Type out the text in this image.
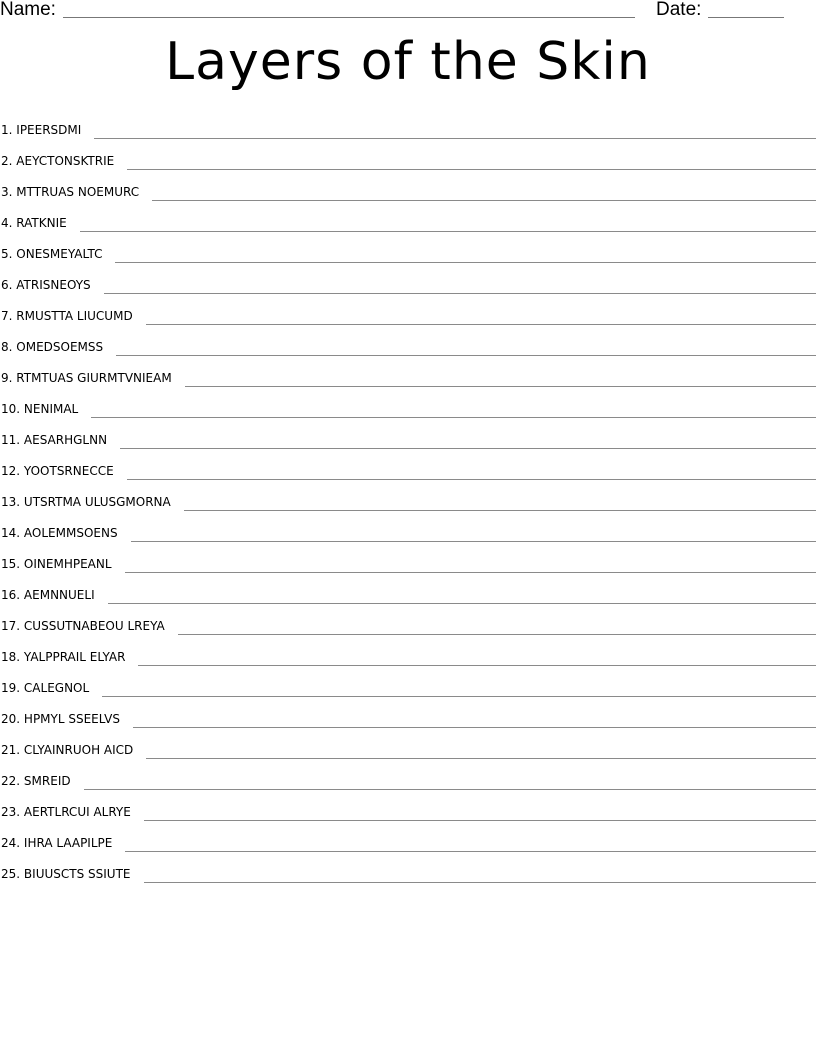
Name:	Date:
Layers of the Skin
1. IPEERSDMI
2. AEYCTONSKTRIE
3. MTTRUAS NOEMURC
4. RATKNIE
5. ONESMEYALTC
6. ATRISNEOYS
7. RMUSTTA LIUCUMD
8. OMEDSOEMSS
9. RTMTUAS GIURMTVNIEAM
10. NENIMAL
11. AESARHGLNN
12. YOOTSRNECCE
13. UTSRTMA ULUSGMORNA
14. AOLEMMSOENS
15. OINEMHPEANL
16. AEMNNUELI
17. CUSSUTNABEOU LREYA
18. YALPPRAIL ELYAR
19. CALEGNOL
20. HPMYL SSEELVS
21. CLYAINRUOH AICD
22. SMREID
23. AERTLRCUI ALRYE
24. IHRA LAAPILPE
25. BIUUSCTS SSIUTE
